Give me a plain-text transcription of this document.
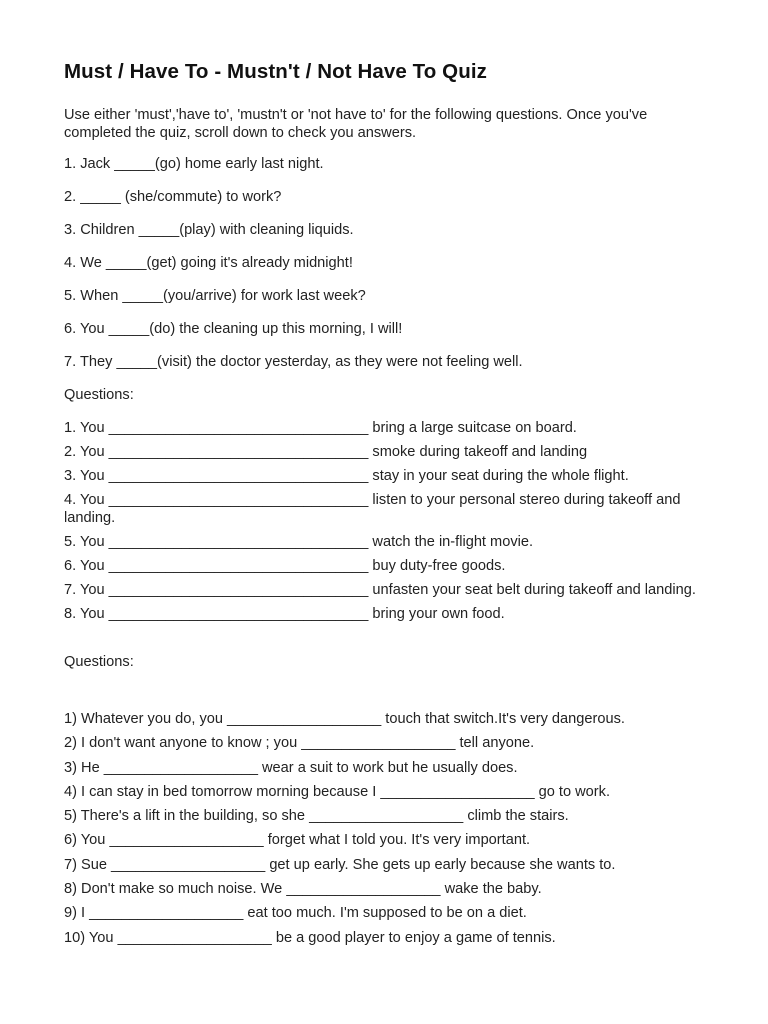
Must / Have To - Mustn't / Not Have To Quiz

Use either 'must','have to', 'mustn't or 'not have to' for the following questions. Once you've completed the quiz, scroll down to check you answers.

1. Jack _____(go) home early last night.
2. _____ (she/commute) to work?
3. Children _____(play) with cleaning liquids.
4. We _____(get) going it's already midnight!
5. When _____(you/arrive) for work last week?
6. You _____(do) the cleaning up this morning, I will!
7. They _____(visit) the doctor yesterday, as they were not feeling well.
Questions:
1. You ________________________________ bring a large suitcase on board.
2. You ________________________________ smoke during takeoff and landing
3. You ________________________________ stay in your seat during the whole flight.
4. You ________________________________ listen to your personal stereo during takeoff and landing.
5. You ________________________________ watch the in-flight movie.
6. You ________________________________ buy duty-free goods.
7. You ________________________________ unfasten your seat belt during takeoff and landing.
8. You ________________________________ bring your own food.
Questions:
1) Whatever you do, you ___________________ touch that switch.It's very dangerous.
2) I don't want anyone to know ; you ___________________ tell anyone.
3) He ___________________ wear a suit to work but he usually does.
4) I can stay in bed tomorrow morning because I ___________________ go to work.
5) There's a lift in the building, so she ___________________ climb the stairs.
6) You ___________________ forget what I told you. It's very important.
7) Sue ___________________ get up early. She gets up early because she wants to.
8) Don't make so much noise. We ___________________ wake the baby.
9) I ___________________ eat too much. I'm supposed to be on a diet.
10) You ___________________ be a good player to enjoy a game of tennis.
